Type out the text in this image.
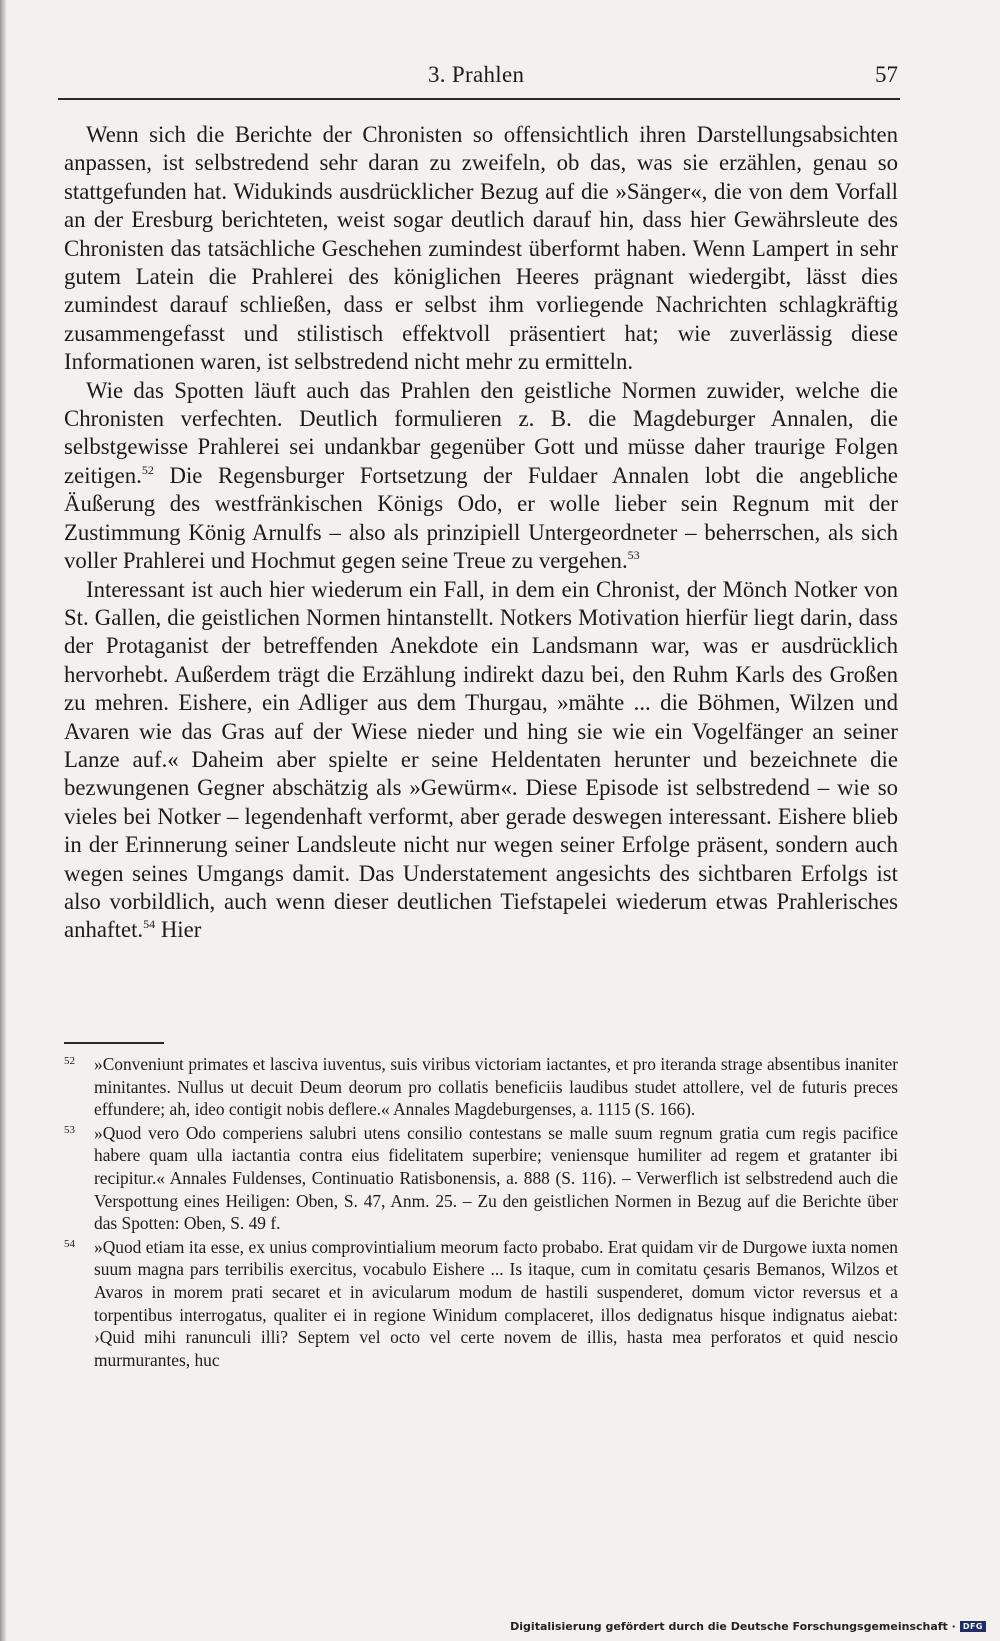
3. Prahlen	57

Wenn sich die Berichte der Chronisten so offensichtlich ihren Darstellungsabsichten anpassen, ist selbstredend sehr daran zu zweifeln, ob das, was sie erzählen, genau so stattgefunden hat. Widukinds ausdrücklicher Bezug auf die »Sänger«, die von dem Vorfall an der Eresburg berichteten, weist sogar deutlich darauf hin, dass hier Gewährsleute des Chronisten das tatsächliche Geschehen zumindest überformt haben. Wenn Lampert in sehr gutem Latein die Prahlerei des königlichen Heeres prägnant wiedergibt, lässt dies zumindest darauf schließen, dass er selbst ihm vorliegende Nachrichten schlagkräftig zusammengefasst und stilistisch effektvoll präsentiert hat; wie zuverlässig diese Informationen waren, ist selbstredend nicht mehr zu ermitteln.

Wie das Spotten läuft auch das Prahlen den geistliche Normen zuwider, welche die Chronisten verfechten. Deutlich formulieren z. B. die Magdeburger Annalen, die selbstgewisse Prahlerei sei undankbar gegenüber Gott und müsse daher traurige Folgen zeitigen.$^{52}$ Die Regensburger Fortsetzung der Fuldaer Annalen lobt die angebliche Äußerung des westfränkischen Königs Odo, er wolle lieber sein Regnum mit der Zustimmung König Arnulfs – also als prinzipiell Untergeordneter – beherrschen, als sich voller Prahlerei und Hochmut gegen seine Treue zu vergehen.$^{53}$

Interessant ist auch hier wiederum ein Fall, in dem ein Chronist, der Mönch Notker von St. Gallen, die geistlichen Normen hintanstellt. Notkers Motivation hierfür liegt darin, dass der Protaganist der betreffenden Anekdote ein Landsmann war, was er ausdrücklich hervorhebt. Außerdem trägt die Erzählung indirekt dazu bei, den Ruhm Karls des Großen zu mehren. Eishere, ein Adliger aus dem Thurgau, »mähte ... die Böhmen, Wilzen und Avaren wie das Gras auf der Wiese nieder und hing sie wie ein Vogelfänger an seiner Lanze auf.« Daheim aber spielte er seine Heldentaten herunter und bezeichnete die bezwungenen Gegner abschätzig als »Gewürm«. Diese Episode ist selbstredend – wie so vieles bei Notker – legendenhaft verformt, aber gerade deswegen interessant. Eishere blieb in der Erinnerung seiner Landsleute nicht nur wegen seiner Erfolge präsent, sondern auch wegen seines Umgangs damit. Das Understatement angesichts des sichtbaren Erfolgs ist also vorbildlich, auch wenn dieser deutlichen Tiefstapelei wiederum etwas Prahlerisches anhaftet.$^{54}$ Hier

52 »Conveniunt primates et lasciva iuventus, suis viribus victoriam iactantes, et pro iteranda strage absentibus inaniter minitantes. Nullus ut decuit Deum deorum pro collatis beneficiis laudibus studet attollere, vel de futuris preces effundere; ah, ideo contigit nobis deflere.« Annales Magdeburgenses, a. 1115 (S. 166).
53 »Quod vero Odo comperiens salubri utens consilio contestans se malle suum regnum gratia cum regis pacifice habere quam ulla iactantia contra eius fidelitatem superbire; veniensque humiliter ad regem et gratanter ibi recipitur.« Annales Fuldenses, Continuatio Ratisbonensis, a. 888 (S. 116). – Verwerflich ist selbstredend auch die Verspottung eines Heiligen: Oben, S. 47, Anm. 25. – Zu den geistlichen Normen in Bezug auf die Berichte über das Spotten: Oben, S. 49 f.
54 »Quod etiam ita esse, ex unius comprovintialium meorum facto probabo. Erat quidam vir de Durgowe iuxta nomen suum magna pars terribilis exercitus, vocabulo Eishere ... Is itaque, cum in comitatu çesaris Bemanos, Wilzos et Avaros in morem prati secaret et in avicularum modum de hastili suspenderet, domum victor reversus et a torpentibus interrogatus, qualiter ei in regione Winidum complaceret, illos dedignatus hisque indignatus aiebat: ›Quid mihi ranunculi illi? Septem vel octo vel certe novem de illis, hasta mea perforatos et quid nescio murmurantes, huc
Digitalisierung gefördert durch die Deutsche Forschungsgemeinschaft · DFG
